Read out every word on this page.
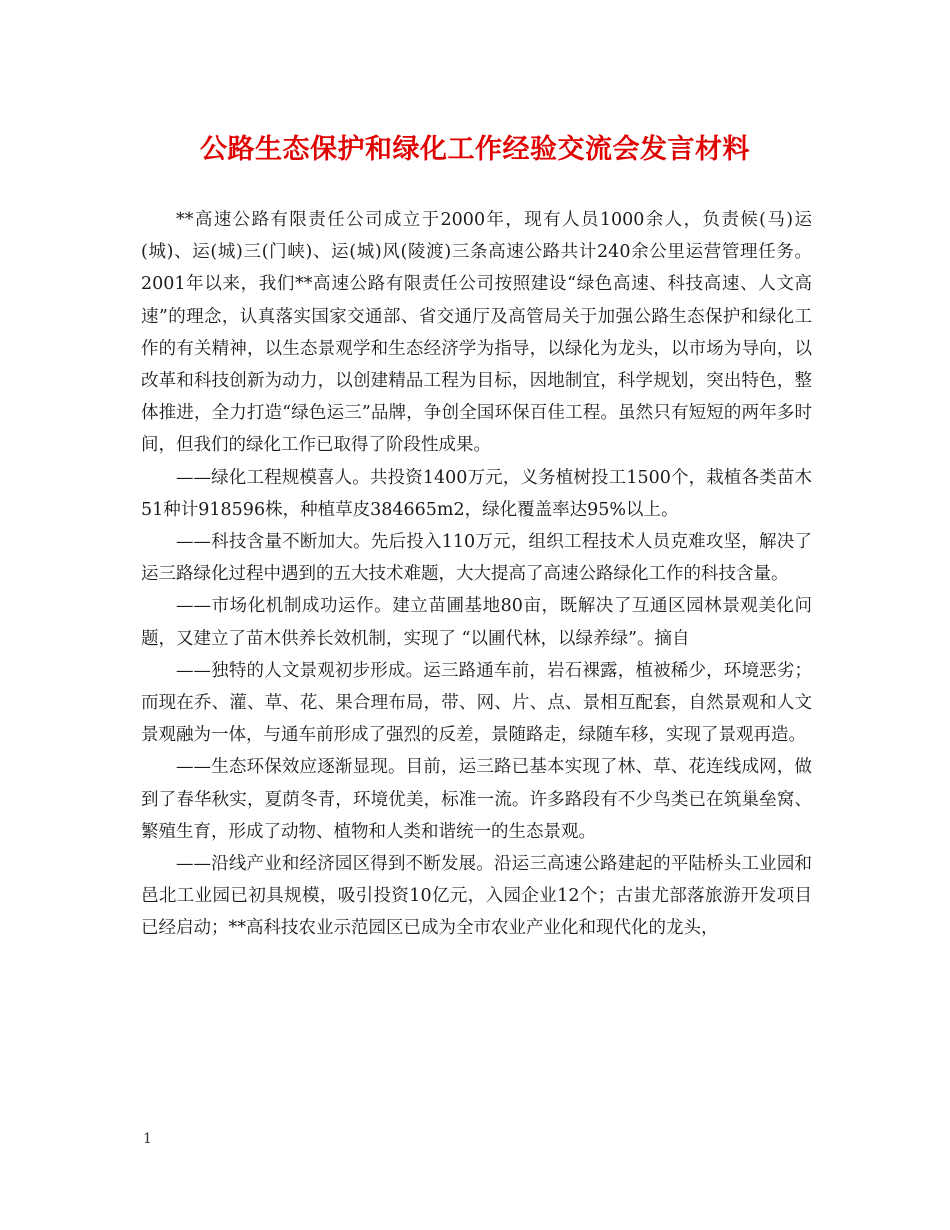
公路生态保护和绿化工作经验交流会发言材料

**高速公路有限责任公司成立于2000年，现有人员1000余人，负责候(马)运(城)、运(城)三(门峡)、运(城)风(陵渡)三条高速公路共计240余公里运营管理任务。2001年以来，我们**高速公路有限责任公司按照建设“绿色高速、科技高速、人文高速”的理念，认真落实国家交通部、省交通厅及高管局关于加强公路生态保护和绿化工作的有关精神，以生态景观学和生态经济学为指导，以绿化为龙头，以市场为导向，以改革和科技创新为动力，以创建精品工程为目标，因地制宜，科学规划，突出特色，整体推进，全力打造“绿色运三”品牌，争创全国环保百佳工程。虽然只有短短的两年多时间，但我们的绿化工作已取得了阶段性成果。

——绿化工程规模喜人。共投资1400万元，义务植树投工1500个，栽植各类苗木51种计918596株，种植草皮384665m2，绿化覆盖率达95%以上。

——科技含量不断加大。先后投入110万元，组织工程技术人员克难攻坚，解决了运三路绿化过程中遇到的五大技术难题，大大提高了高速公路绿化工作的科技含量。

——市场化机制成功运作。建立苗圃基地80亩，既解决了互通区园林景观美化问题，又建立了苗木供养长效机制，实现了 “以圃代林，以绿养绿”。摘自

——独特的人文景观初步形成。运三路通车前，岩石裸露，植被稀少，环境恶劣；而现在乔、灌、草、花、果合理布局，带、网、片、点、景相互配套，自然景观和人文景观融为一体，与通车前形成了强烈的反差，景随路走，绿随车移，实现了景观再造。

——生态环保效应逐渐显现。目前，运三路已基本实现了林、草、花连线成网，做到了春华秋实，夏荫冬青，环境优美，标准一流。许多路段有不少鸟类已在筑巢垒窝、繁殖生育，形成了动物、植物和人类和谐统一的生态景观。

——沿线产业和经济园区得到不断发展。沿运三高速公路建起的平陆桥头工业园和邑北工业园已初具规模，吸引投资10亿元，入园企业12个；古蚩尤部落旅游开发项目已经启动；**高科技农业示范园区已成为全市农业产业化和现代化的龙头，

1
